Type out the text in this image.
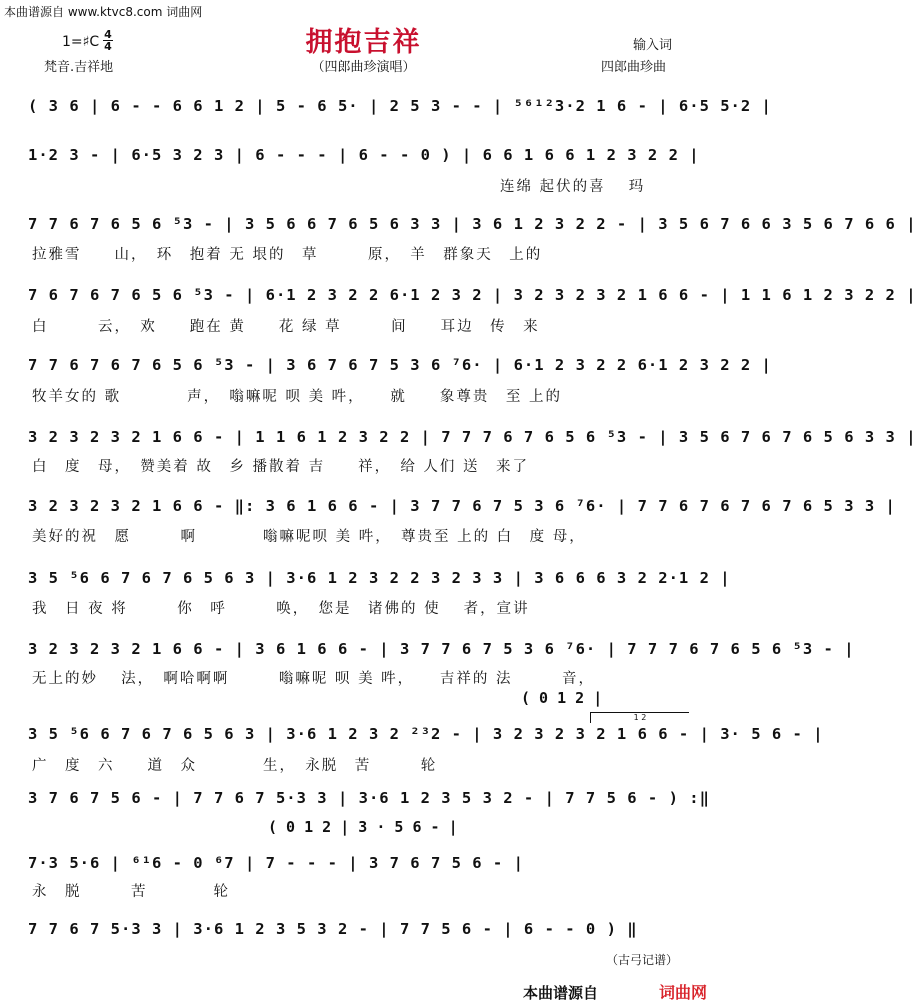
本曲谱源自 www.ktvc8.com 词曲网
拥抱吉祥
1=♯C 4
4
梵音.吉祥地	（四郎曲珍演唱）
输入词
四郎曲珍曲
( 3 6 | 6 - - 6 6 1 2 | 5 - 6 5· | 2 5 3 - - | ⁵⁶¹²3·2 1 6 - | 6·5 5·2 |
1·2 3 - | 6·5 3 2 3 | 6 - - - | 6 - - 0 ) | 6 6 1 6 6 1 2 3 2 2 |
连绵 起伏的喜　 玛
7 7 6 7 6 5 6 ⁵3 - | 3 5 6 6 7 6 5 6 3 3 | 3 6 1 2 3 2 2 - | 3 5 6 7 6 6 3 5 6 7 6 6 |
拉雅雪　　山，　环　抱着 无 垠的　草　　　原，　羊　群象天　上的
7 6 7 6 7 6 5 6 ⁵3 - | 6·1 2 3 2 2 6·1 2 3 2 | 3 2 3 2 3 2 1 6 6 - | 1 1 6 1 2 3 2 2 |
白　　　云，　欢　　跑在 黄　　花 绿 草　　　间　　耳边　传　来
7 7 6 7 6 7 6 5 6 ⁵3 - | 3 6 7 6 7 5 3 6 ⁷6· | 6·1 2 3 2 2 6·1 2 3 2 2 |
牧羊女的 歌　　　　声，　嗡嘛呢 呗 美 吽，　　就　　象尊贵　至 上的
3 2 3 2 3 2 1 6 6 - | 1 1 6 1 2 3 2 2 | 7 7 7 6 7 6 5 6 ⁵3 - | 3 5 6 7 6 7 6 5 6 3 3 |
白　度　母，　赞美着 故　乡 播散着 吉　　祥，　给 人们 送　来了
3 2 3 2 3 2 1 6 6 - ‖: 3 6 1 6 6 - | 3 7 7 6 7 5 3 6 ⁷6· | 7 7 6 7 6 7 6 7 6 5 3 3 |
美好的祝　愿　　　啊　　　　嗡嘛呢呗 美 吽，　尊贵至 上的 白　度 母，
3 5 ⁵6 6 7 6 7 6 5 6 3 | 3·6 1 2 3 2 2 3 2 3 3 | 3 6 6 6 3 2 2·1 2 |
我　日 夜 将　　　你　呼　　　唤，　您是　诸佛的 使　 者，宣讲
3 2 3 2 3 2 1 6 6 - | 3 6 1 6 6 - | 3 7 7 6 7 5 3 6 ⁷6· | 7 7 7 6 7 6 5 6 ⁵3 - |
无上的妙　 法，　啊哈啊啊　　　嗡嘛呢 呗 美 吽，　　吉祥的 法　　　音，
( 0 1 2 |
1 2
3 5 ⁵6 6 7 6 7 6 5 6 3 | 3·6 1 2 3 2 ²³2 - | 3 2 3 2 3 2 1 6 6 - | 3· 5 6 - |
广　度　六　　道　众　　　　生，　永脱　苦　　　轮
3 7 6 7 5 6 - | 7 7 6 7 5·3 3 | 3·6 1 2 3 5 3 2 - | 7 7 5 6 - ) :‖
( 0 1 2 | 3 · 5 6 - |
7·3 5·6 | ⁶¹6 - 0 ⁶7 | 7 - - - | 3 7 6 7 5 6 - |
永　脱　　　苦　　　　轮
7 7 6 7 5·3 3 | 3·6 1 2 3 5 3 2 - | 7 7 5 6 - | 6 - - 0 ) ‖
（古弓记谱）
本曲谱源自	词曲网
